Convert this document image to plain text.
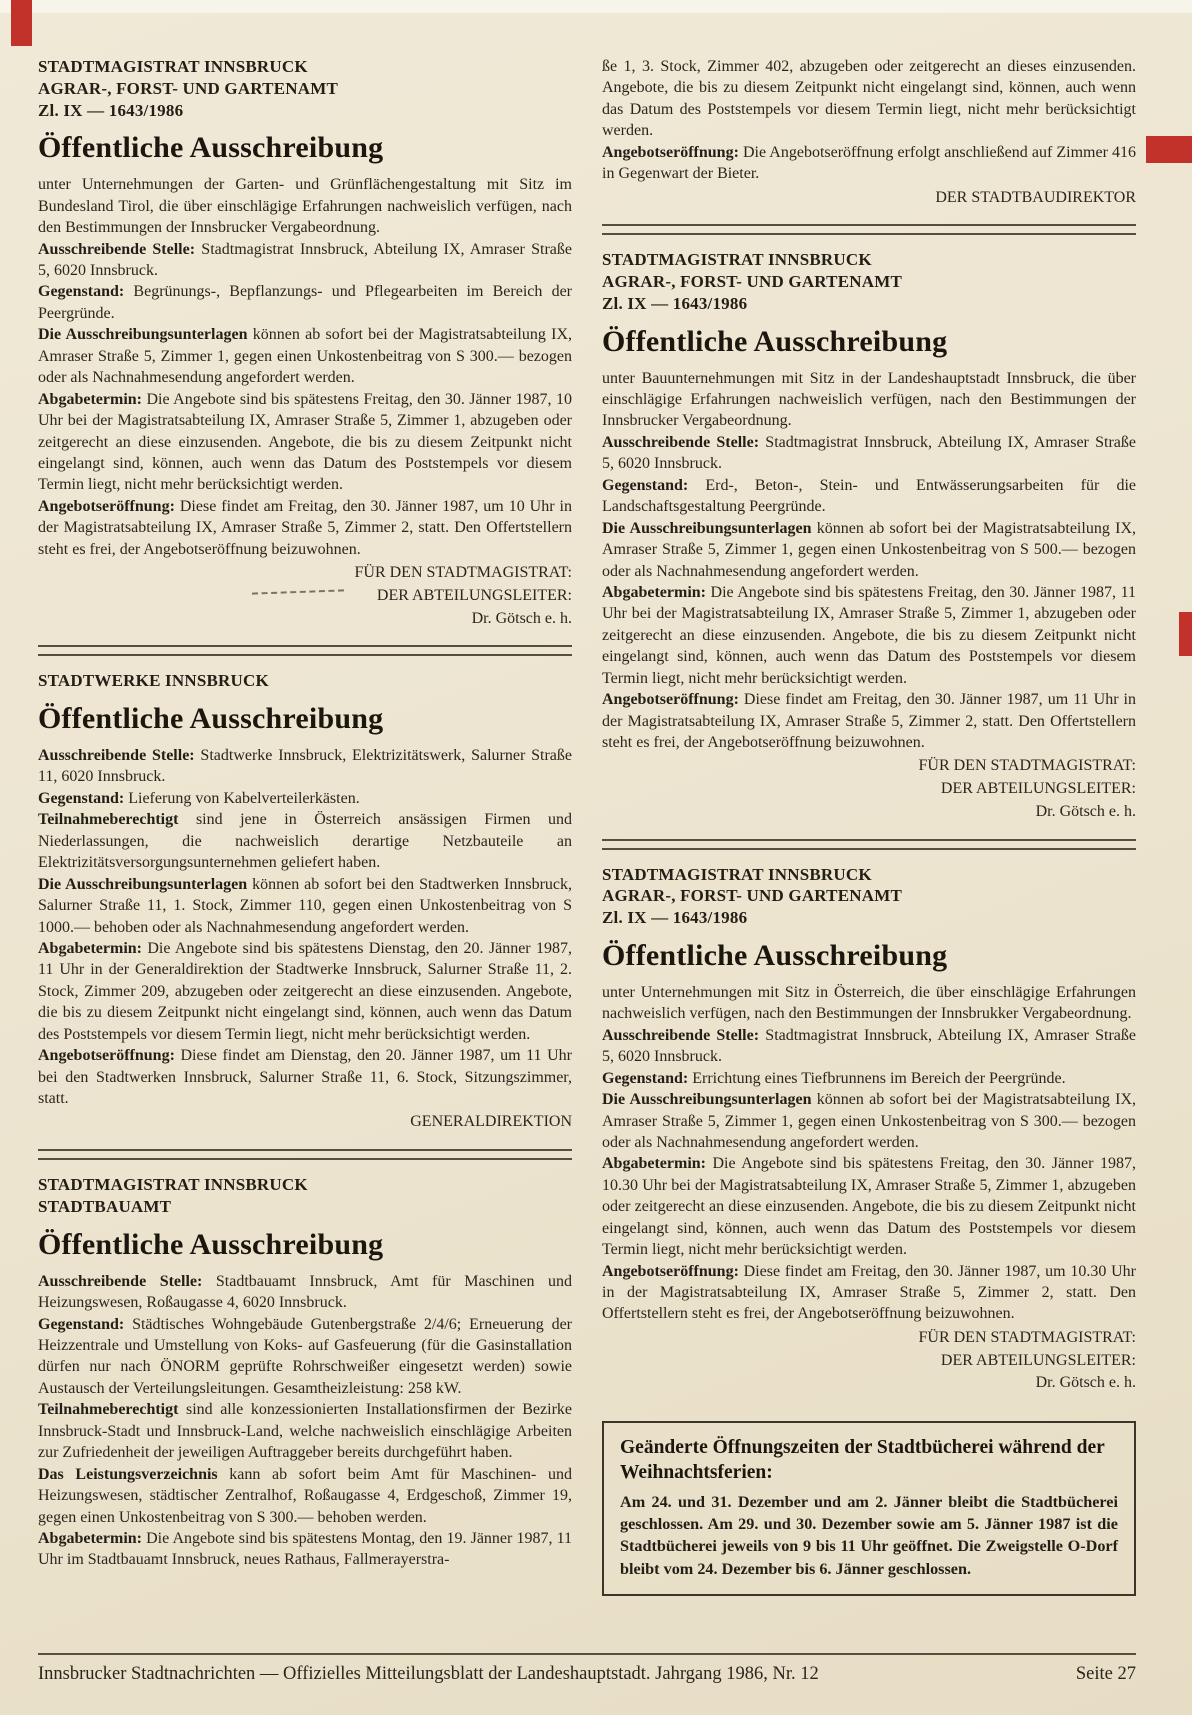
STADTMAGISTRAT INNSBRUCK
AGRAR-, FORST- UND GARTENAMT
Zl. IX — 1643/1986
Öffentliche Ausschreibung

unter Unternehmungen der Garten- und Grünflächengestaltung mit Sitz im Bundesland Tirol, die über einschlägige Erfahrungen nachweislich verfügen, nach den Bestimmungen der Innsbrucker Vergabeordnung.

Ausschreibende Stelle: Stadtmagistrat Innsbruck, Abteilung IX, Amraser Straße 5, 6020 Innsbruck.

Gegenstand: Begrünungs-, Bepflanzungs- und Pflegearbeiten im Bereich der Peergründe.

Die Ausschreibungsunterlagen können ab sofort bei der Magistratsabteilung IX, Amraser Straße 5, Zimmer 1, gegen einen Unkostenbeitrag von S 300.— bezogen oder als Nachnahmesendung angefordert werden.

Abgabetermin: Die Angebote sind bis spätestens Freitag, den 30. Jänner 1987, 10 Uhr bei der Magistratsabteilung IX, Amraser Straße 5, Zimmer 1, abzugeben oder zeitgerecht an diese einzusenden. Angebote, die bis zu diesem Zeitpunkt nicht eingelangt sind, können, auch wenn das Datum des Poststempels vor diesem Termin liegt, nicht mehr berücksichtigt werden.

Angebotseröffnung: Diese findet am Freitag, den 30. Jänner 1987, um 10 Uhr in der Magistratsabteilung IX, Amraser Straße 5, Zimmer 2, statt. Den Offertstellern steht es frei, der Angebotseröffnung beizuwohnen.

FÜR DEN STADTMAGISTRAT:
DER ABTEILUNGSLEITER:
Dr. Götsch e. h.
STADTWERKE INNSBRUCK
Öffentliche Ausschreibung

Ausschreibende Stelle: Stadtwerke Innsbruck, Elektrizitätswerk, Salurner Straße 11, 6020 Innsbruck.

Gegenstand: Lieferung von Kabelverteilerkästen.

Teilnahmeberechtigt sind jene in Österreich ansässigen Firmen und Niederlassungen, die nachweislich derartige Netzbauteile an Elektrizitätsversorgungsunternehmen geliefert haben.

Die Ausschreibungsunterlagen können ab sofort bei den Stadtwerken Innsbruck, Salurner Straße 11, 1. Stock, Zimmer 110, gegen einen Unkostenbeitrag von S 1000.— behoben oder als Nachnahmesendung angefordert werden.

Abgabetermin: Die Angebote sind bis spätestens Dienstag, den 20. Jänner 1987, 11 Uhr in der Generaldirektion der Stadtwerke Innsbruck, Salurner Straße 11, 2. Stock, Zimmer 209, abzugeben oder zeitgerecht an diese einzusenden. Angebote, die bis zu diesem Zeitpunkt nicht eingelangt sind, können, auch wenn das Datum des Poststempels vor diesem Termin liegt, nicht mehr berücksichtigt werden.

Angebotseröffnung: Diese findet am Dienstag, den 20. Jänner 1987, um 11 Uhr bei den Stadtwerken Innsbruck, Salurner Straße 11, 6. Stock, Sitzungszimmer, statt.

GENERALDIREKTION
STADTMAGISTRAT INNSBRUCK
STADTBAUAMT
Öffentliche Ausschreibung

Ausschreibende Stelle: Stadtbauamt Innsbruck, Amt für Maschinen und Heizungswesen, Roßaugasse 4, 6020 Innsbruck.

Gegenstand: Städtisches Wohngebäude Gutenbergstraße 2/4/6; Erneuerung der Heizzentrale und Umstellung von Koks- auf Gasfeuerung (für die Gasinstallation dürfen nur nach ÖNORM geprüfte Rohrschweißer eingesetzt werden) sowie Austausch der Verteilungsleitungen. Gesamtheizleistung: 258 kW.

Teilnahmeberechtigt sind alle konzessionierten Installationsfirmen der Bezirke Innsbruck-Stadt und Innsbruck-Land, welche nachweislich einschlägige Arbeiten zur Zufriedenheit der jeweiligen Auftraggeber bereits durchgeführt haben.

Das Leistungsverzeichnis kann ab sofort beim Amt für Maschinen- und Heizungswesen, städtischer Zentralhof, Roßaugasse 4, Erdgeschoß, Zimmer 19, gegen einen Unkostenbeitrag von S 300.— behoben werden.

Abgabetermin: Die Angebote sind bis spätestens Montag, den 19. Jänner 1987, 11 Uhr im Stadtbauamt Innsbruck, neues Rathaus, Fallmerayerstra-

ße 1, 3. Stock, Zimmer 402, abzugeben oder zeitgerecht an dieses einzusenden. Angebote, die bis zu diesem Zeitpunkt nicht eingelangt sind, können, auch wenn das Datum des Poststempels vor diesem Termin liegt, nicht mehr berücksichtigt werden.

Angebotseröffnung: Die Angebotseröffnung erfolgt anschließend auf Zimmer 416 in Gegenwart der Bieter.

DER STADTBAUDIREKTOR
STADTMAGISTRAT INNSBRUCK
AGRAR-, FORST- UND GARTENAMT
Zl. IX — 1643/1986
Öffentliche Ausschreibung

unter Bauunternehmungen mit Sitz in der Landeshauptstadt Innsbruck, die über einschlägige Erfahrungen nachweislich verfügen, nach den Bestimmungen der Innsbrucker Vergabeordnung.

Ausschreibende Stelle: Stadtmagistrat Innsbruck, Abteilung IX, Amraser Straße 5, 6020 Innsbruck.

Gegenstand: Erd-, Beton-, Stein- und Entwässerungsarbeiten für die Landschaftsgestaltung Peergründe.

Die Ausschreibungsunterlagen können ab sofort bei der Magistratsabteilung IX, Amraser Straße 5, Zimmer 1, gegen einen Unkostenbeitrag von S 500.— bezogen oder als Nachnahmesendung angefordert werden.

Abgabetermin: Die Angebote sind bis spätestens Freitag, den 30. Jänner 1987, 11 Uhr bei der Magistratsabteilung IX, Amraser Straße 5, Zimmer 1, abzugeben oder zeitgerecht an diese einzusenden. Angebote, die bis zu diesem Zeitpunkt nicht eingelangt sind, können, auch wenn das Datum des Poststempels vor diesem Termin liegt, nicht mehr berücksichtigt werden.

Angebotseröffnung: Diese findet am Freitag, den 30. Jänner 1987, um 11 Uhr in der Magistratsabteilung IX, Amraser Straße 5, Zimmer 2, statt. Den Offertstellern steht es frei, der Angebotseröffnung beizuwohnen.

FÜR DEN STADTMAGISTRAT:
DER ABTEILUNGSLEITER:
Dr. Götsch e. h.
STADTMAGISTRAT INNSBRUCK
AGRAR-, FORST- UND GARTENAMT
Zl. IX — 1643/1986
Öffentliche Ausschreibung

unter Unternehmungen mit Sitz in Österreich, die über einschlägige Erfahrungen nachweislich verfügen, nach den Bestimmungen der Innsbrukker Vergabeordnung.

Ausschreibende Stelle: Stadtmagistrat Innsbruck, Abteilung IX, Amraser Straße 5, 6020 Innsbruck.

Gegenstand: Errichtung eines Tiefbrunnens im Bereich der Peergründe.

Die Ausschreibungsunterlagen können ab sofort bei der Magistratsabteilung IX, Amraser Straße 5, Zimmer 1, gegen einen Unkostenbeitrag von S 300.— bezogen oder als Nachnahmesendung angefordert werden.

Abgabetermin: Die Angebote sind bis spätestens Freitag, den 30. Jänner 1987, 10.30 Uhr bei der Magistratsabteilung IX, Amraser Straße 5, Zimmer 1, abzugeben oder zeitgerecht an diese einzusenden. Angebote, die bis zu diesem Zeitpunkt nicht eingelangt sind, können, auch wenn das Datum des Poststempels vor diesem Termin liegt, nicht mehr berücksichtigt werden.

Angebotseröffnung: Diese findet am Freitag, den 30. Jänner 1987, um 10.30 Uhr in der Magistratsabteilung IX, Amraser Straße 5, Zimmer 2, statt. Den Offertstellern steht es frei, der Angebotseröffnung beizuwohnen.

FÜR DEN STADTMAGISTRAT:
DER ABTEILUNGSLEITER:
Dr. Götsch e. h.

Geänderte Öffnungszeiten der Stadtbücherei während der Weihnachtsferien:

Am 24. und 31. Dezember und am 2. Jänner bleibt die Stadtbücherei geschlossen. Am 29. und 30. Dezember sowie am 5. Jänner 1987 ist die Stadtbücherei jeweils von 9 bis 11 Uhr geöffnet. Die Zweigstelle O-Dorf bleibt vom 24. Dezember bis 6. Jänner geschlossen.

Innsbrucker Stadtnachrichten — Offizielles Mitteilungsblatt der Landeshauptstadt. Jahrgang 1986, Nr. 12	Seite 27
